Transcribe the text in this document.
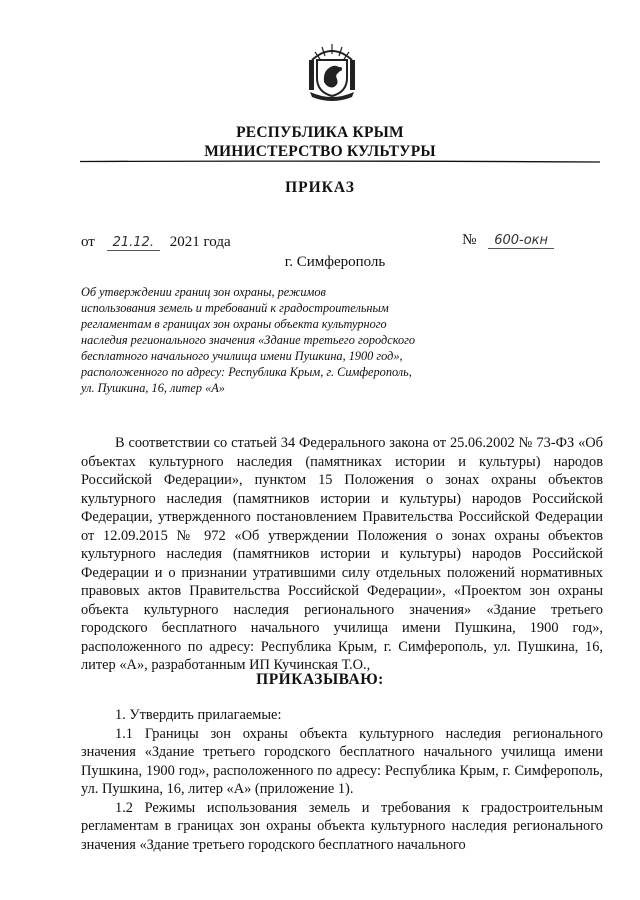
РЕСПУБЛИКА КРЫМ
МИНИСТЕРСТВО КУЛЬТУРЫ
ПРИКАЗ
от 21.12. 2021 года	№ 600-окн
г. Симферополь
Об утверждении границ зон охраны, режимов
использования земель и требований к градостроительным
регламентам в границах зон охраны объекта культурного
наследия регионального значения «Здание третьего городского
бесплатного начального училища имени Пушкина, 1900 год»,
расположенного по адресу: Республика Крым, г. Симферополь,
ул. Пушкина, 16, литер «А»

В соответствии со статьей 34 Федерального закона от 25.06.2002 № 73-ФЗ «Об объектах культурного наследия (памятниках истории и культуры) народов Российской Федерации», пунктом 15 Положения о зонах охраны объектов культурного наследия (памятников истории и культуры) народов Российской Федерации, утвержденного постановлением Правительства Российской Федерации от 12.09.2015 № 972 «Об утверждении Положения о зонах охраны объектов культурного наследия (памятников истории и культуры) народов Российской Федерации и о признании утратившими силу отдельных положений нормативных правовых актов Правительства Российской Федерации», «Проектом зон охраны объекта культурного наследия регионального значения» «Здание третьего городского бесплатного начального училища имени Пушкина, 1900 год», расположенного по адресу: Республика Крым, г. Симферополь, ул. Пушкина, 16, литер «А», разработанным ИП Кучинская Т.О.,

ПРИКАЗЫВАЮ:

1. Утвердить прилагаемые:

1.1 Границы зон охраны объекта культурного наследия регионального значения «Здание третьего городского бесплатного начального училища имени Пушкина, 1900 год», расположенного по адресу: Республика Крым, г. Симферополь, ул. Пушкина, 16, литер «А» (приложение 1).

1.2 Режимы использования земель и требования к градостроительным регламентам в границах зон охраны объекта культурного наследия регионального значения «Здание третьего городского бесплатного начального
